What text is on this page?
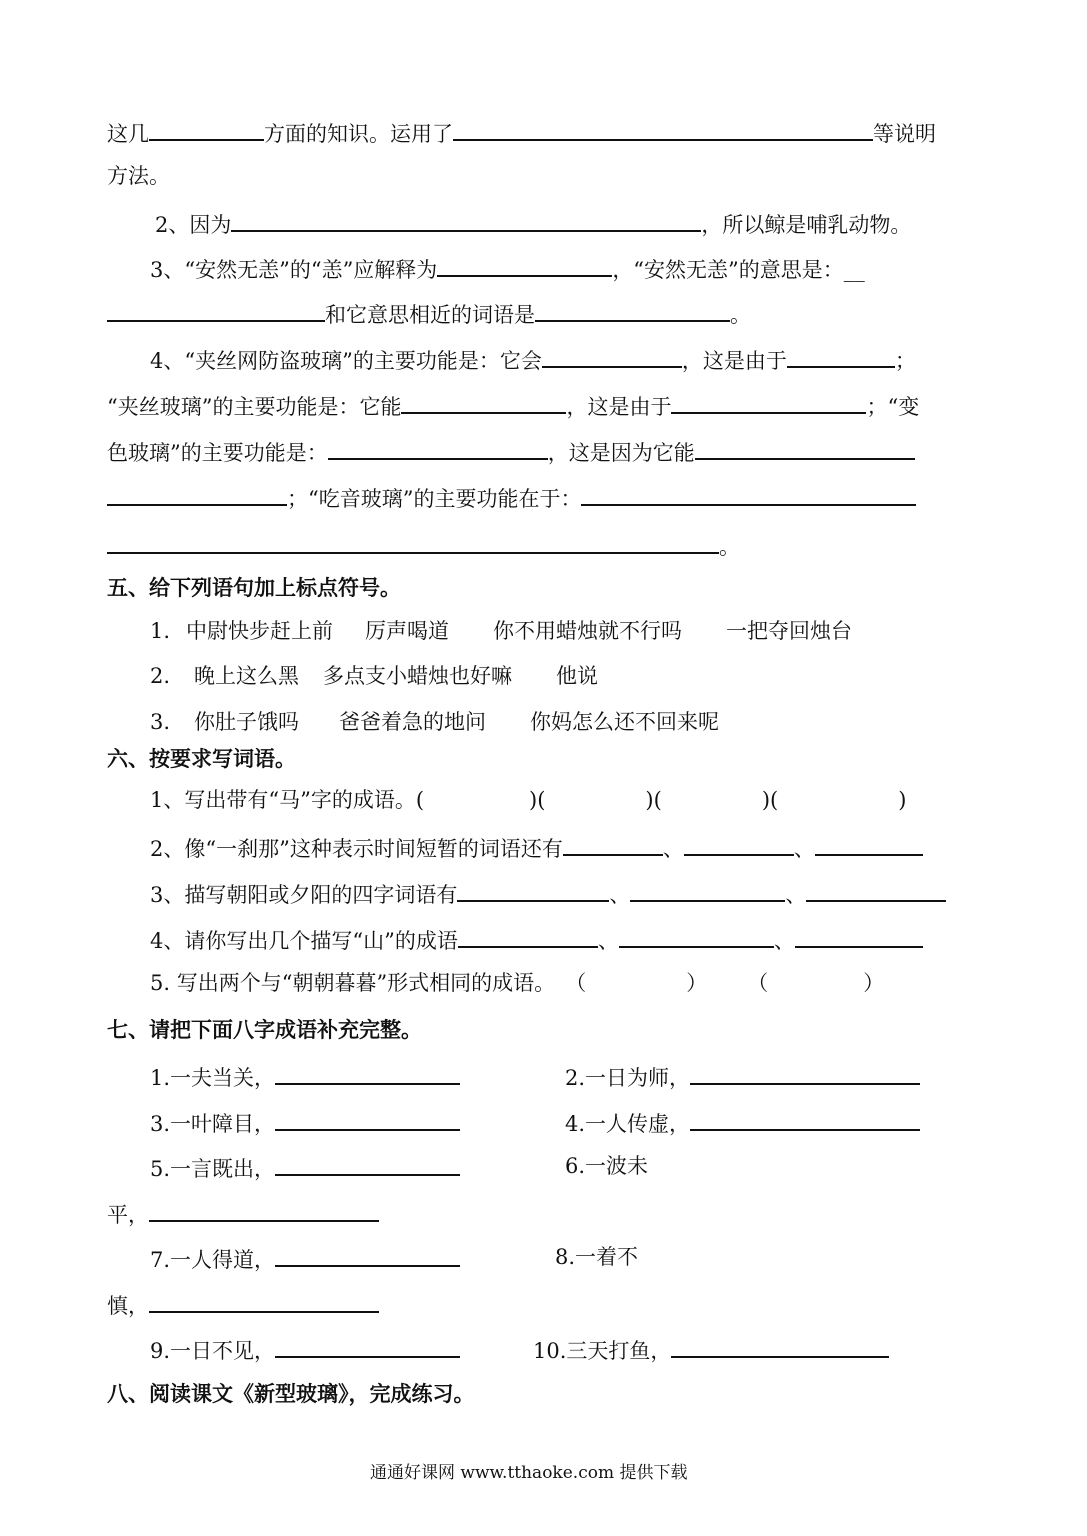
这几	方面的知识。运用了	等说明
方法。
2、因为	，所以鲸是哺乳动物。
3、“安然无恙”的“恙”应解释为	，“安然无恙”的意思是：__
和它意思相近的词语是	。
4、“夹丝网防盗玻璃”的主要功能是：它会	，这是由于	；
“夹丝玻璃”的主要功能是：它能	，这是由于	；“变
色玻璃”的主要功能是：	，这是因为它能
；“吃音玻璃”的主要功能在于：
。
五、给下列语句加上标点符号。
1. 中尉快步赶上前 厉声喝道 你不用蜡烛就不行吗 一把夺回烛台
2. 晚上这么黑 多点支小蜡烛也好嘛 他说
3. 你肚子饿吗 爸爸着急的地问 你妈怎么还不回来呢
六、按要求写词语。
1、写出带有“马”字的成语。(	)(	)(	)(	)
2、像“一刹那”这种表示时间短暂的词语还有	、	、
3、描写朝阳或夕阳的四字词语有	、	、
4、请你写出几个描写“山”的成语	、	、
5. 写出两个与“朝朝暮暮”形式相同的成语。 （	） （	）
七、请把下面八字成语补充完整。
1.一夫当关，	2.一日为师，
3.一叶障目，	4.一人传虚，
5.一言既出，	6.一波未
平，
7.一人得道，	8.一着不
慎，
9.一日不见，	10.三天打鱼，
八、阅读课文《新型玻璃》，完成练习。
通通好课网 www.tthaoke.com 提供下载
